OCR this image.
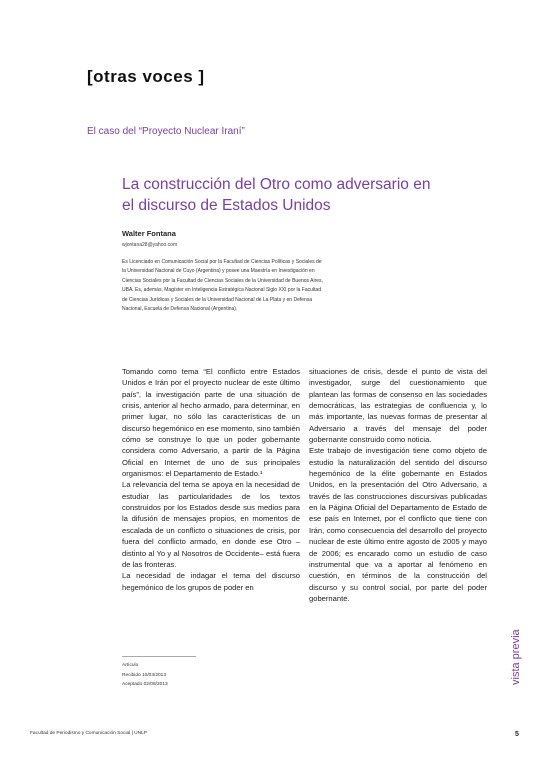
[otras voces ]
El caso del “Proyecto Nuclear Iraní”
La construcción del Otro como adversario en el discurso de Estados Unidos
Walter Fontana
wjontana28@yahoo.com
Es Licenciado en Comunicación Social por la Facultad de Ciencias Políticas y Sociales de la Universidad Nacional de Cuyo (Argentina) y posee una Maestría en Investigación en Ciencias Sociales por la Facultad de Ciencias Sociales de la Universidad de Buenos Aires, UBA. Es, además, Magíster en Inteligencia Estratégica Nacional Siglo XXI por la Facultad de Ciencias Jurídicas y Sociales de la Universidad Nacional de La Plata y en Defensa Nacional, Escuela de Defensa Nacional (Argentina).

Tomando como tema “El conflicto entre Estados Unidos e Irán por el proyecto nuclear de este último país”, la investigación parte de una situación de crisis, anterior al hecho armado, para determinar, en primer lugar, no sólo las características de un discurso hegemónico en ese momento, sino también cómo se construye lo que un poder gobernante considera como Adversario, a partir de la Página Oficial en Internet de uno de sus principales organismos: el Departamento de Estado.¹

La relevancia del tema se apoya en la necesidad de estudiar las particularidades de los textos construidos por los Estados desde sus medios para la difusión de mensajes propios, en momentos de escalada de un conflicto o situaciones de crisis, por fuera del conflicto armado, en donde ese Otro –distinto al Yo y al Nosotros de Occidente– está fuera de las fronteras.

La necesidad de indagar el tema del discurso hegemónico de los grupos de poder en

situaciones de crisis, desde el punto de vista del investigador, surge del cuestionamiento que plantean las formas de consenso en las sociedades democráticas, las estrategias de confluencia y, lo más importante, las nuevas formas de presentar al Adversario a través del mensaje del poder gobernante construido como noticia.

Este trabajo de investigación tiene como objeto de estudio la naturalización del sentido del discurso hegemónico de la élite gobernante en Estados Unidos, en la presentación del Otro Adversario, a través de las construcciones discursivas publicadas en la Página Oficial del Departamento de Estado de ese país en Internet, por el conflicto que tiene con Irán, como consecuencia del desarrollo del proyecto nuclear de este último entre agosto de 2005 y mayo de 2006; es encarado como un estudio de caso instrumental que va a aportar al fenómeno en cuestión, en términos de la construcción del discurso y su control social, por parte del poder gobernante.

vista previa
Artículo
Recibido 10/03/2013
Aceptado 02/08/2013
Facultad de Periodismo y Comunicación Social | UNLP	5
